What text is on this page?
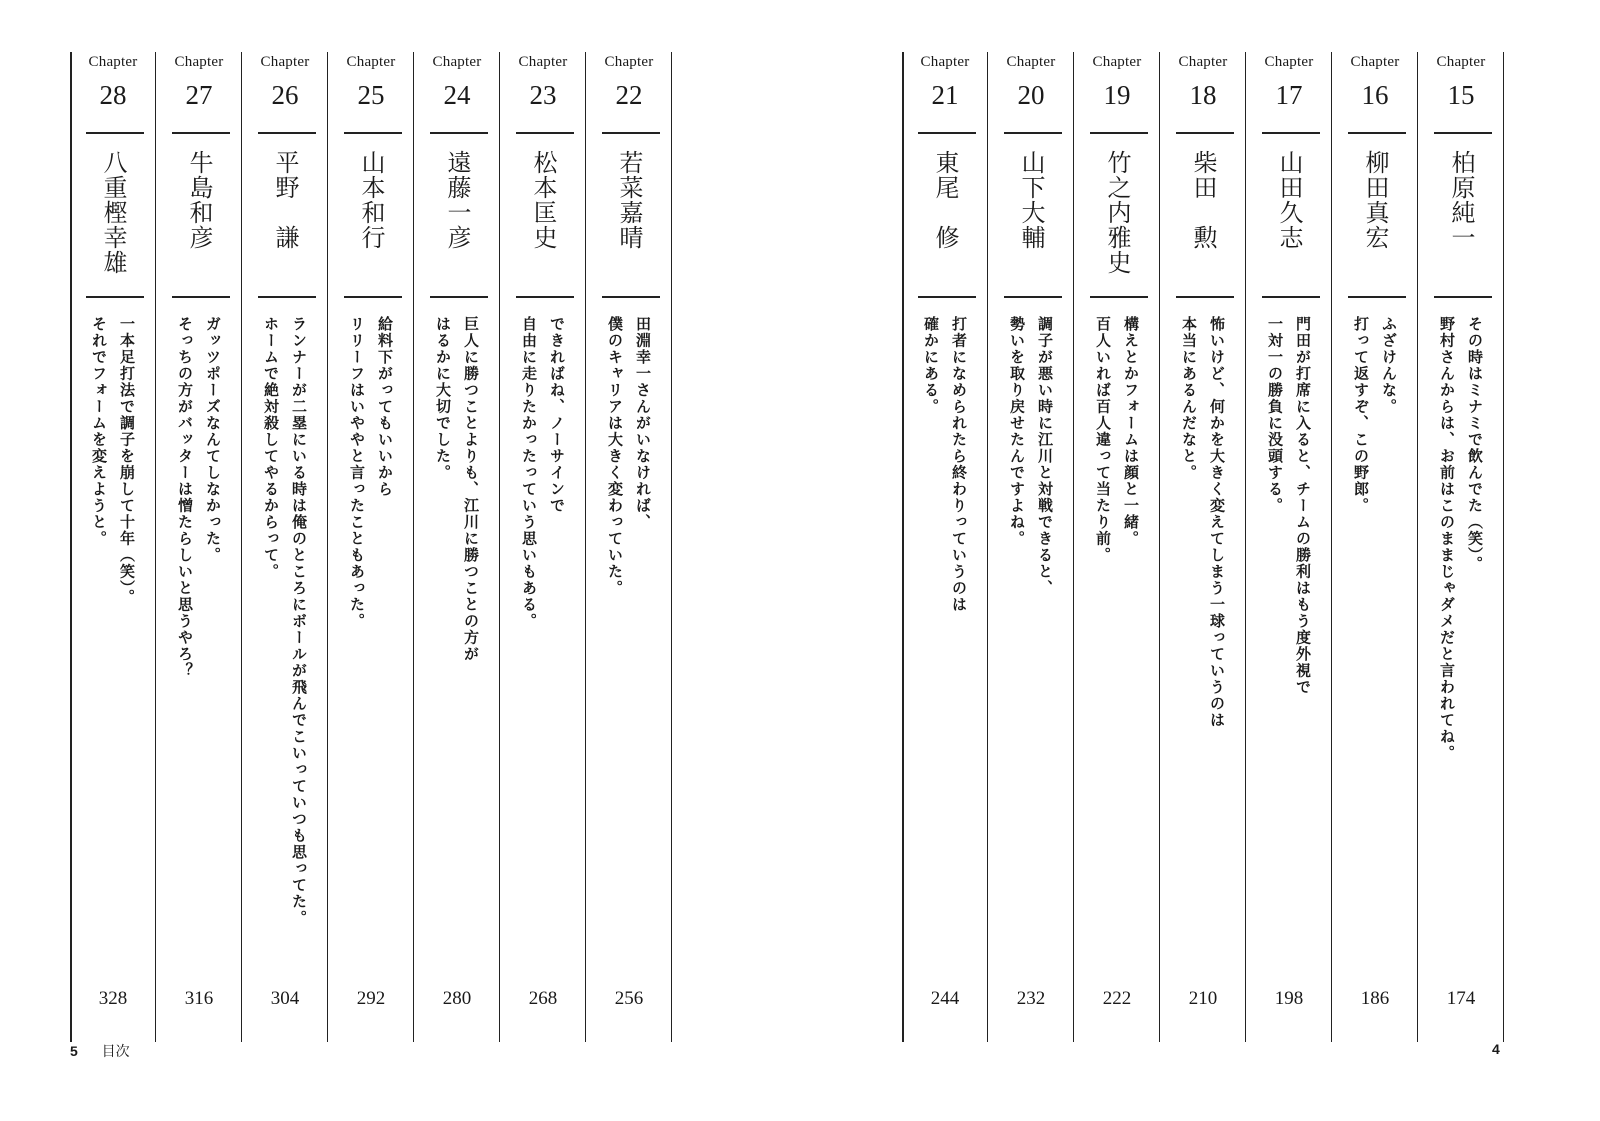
Chapter
28
八重樫幸雄
一本足打法で調子を崩して十年（笑）。
それでフォームを変えようと。
328
Chapter
27
牛島和彦
ガッツポーズなんてしなかった。
そっちの方がバッターは憎たらしいと思うやろ？
316
Chapter
26
平野　謙
ランナーが二塁にいる時は俺のところにボールが飛んでこいっていつも思ってた。
ホームで絶対殺してやるからって。
304
Chapter
25
山本和行
給料下がってもいいから
リリーフはいややと言ったこともあった。
292
Chapter
24
遠藤一彦
巨人に勝つことよりも、江川に勝つことの方が
はるかに大切でした。
280
Chapter
23
松本匡史
できればね、ノーサインで
自由に走りたかったっていう思いもある。
268
Chapter
22
若菜嘉晴
田淵幸一さんがいなければ、
僕のキャリアは大きく変わっていた。
256
5 目次
Chapter
21
東尾　修
打者になめられたら終わりっていうのは
確かにある。
244
Chapter
20
山下大輔
調子が悪い時に江川と対戦できると、
勢いを取り戻せたんですよね。
232
Chapter
19
竹之内雅史
構えとかフォームは顔と一緒。
百人いれば百人違って当たり前。
222
Chapter
18
柴田　勲
怖いけど、何かを大きく変えてしまう一球っていうのは
本当にあるんだなと。
210
Chapter
17
山田久志
門田が打席に入ると、チームの勝利はもう度外視で
一対一の勝負に没頭する。
198
Chapter
16
柳田真宏
ふざけんな。
打って返すぞ、この野郎。
186
Chapter
15
柏原純一
その時はミナミで飲んでた（笑）。
野村さんからは、お前はこのままじゃダメだと言われてね。
174
4
